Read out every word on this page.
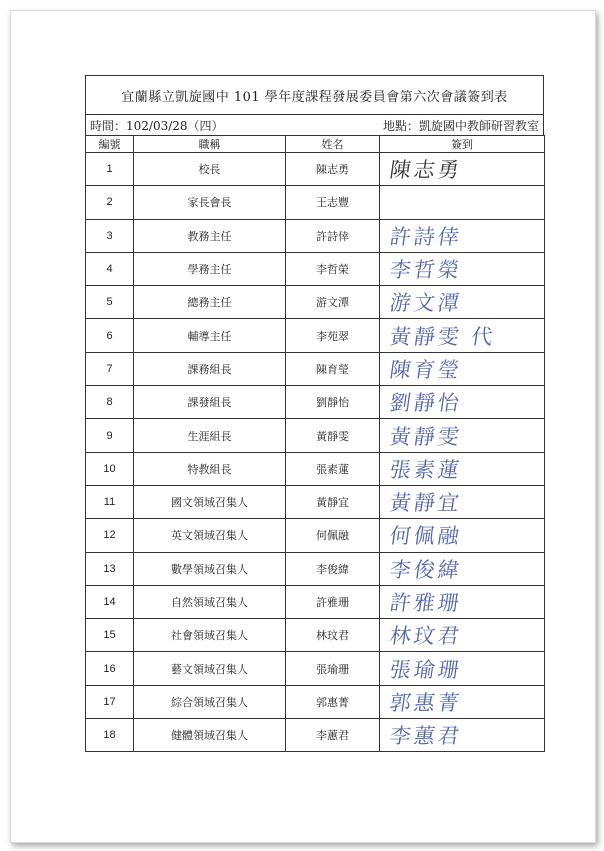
宜蘭縣立凱旋國中 101 學年度課程發展委員會第六次會議簽到表
時間：102/03/28（四）	地點：凱旋國中教師研習教室
編號	職稱	姓名	簽到
1	校長	陳志勇	陳志勇
2	家長會長	王志豐	
3	教務主任	許詩倖	許詩倖
4	學務主任	李哲榮	李哲榮
5	總務主任	游文潭	游文潭
6	輔導主任	李苑翠	黃靜雯 代
7	課務組長	陳育瑩	陳育瑩
8	課發組長	劉靜怡	劉靜怡
9	生涯組長	黃靜雯	黃靜雯
10	特教組長	張素蓮	張素蓮
11	國文領域召集人	黃靜宜	黃靜宜
12	英文領域召集人	何佩融	何佩融
13	數學領域召集人	李俊緯	李俊緯
14	自然領域召集人	許雅珊	許雅珊
15	社會領域召集人	林玟君	林玟君
16	藝文領域召集人	張瑜珊	張瑜珊
17	綜合領域召集人	郭惠菁	郭惠菁
18	健體領域召集人	李蕙君	李蕙君
